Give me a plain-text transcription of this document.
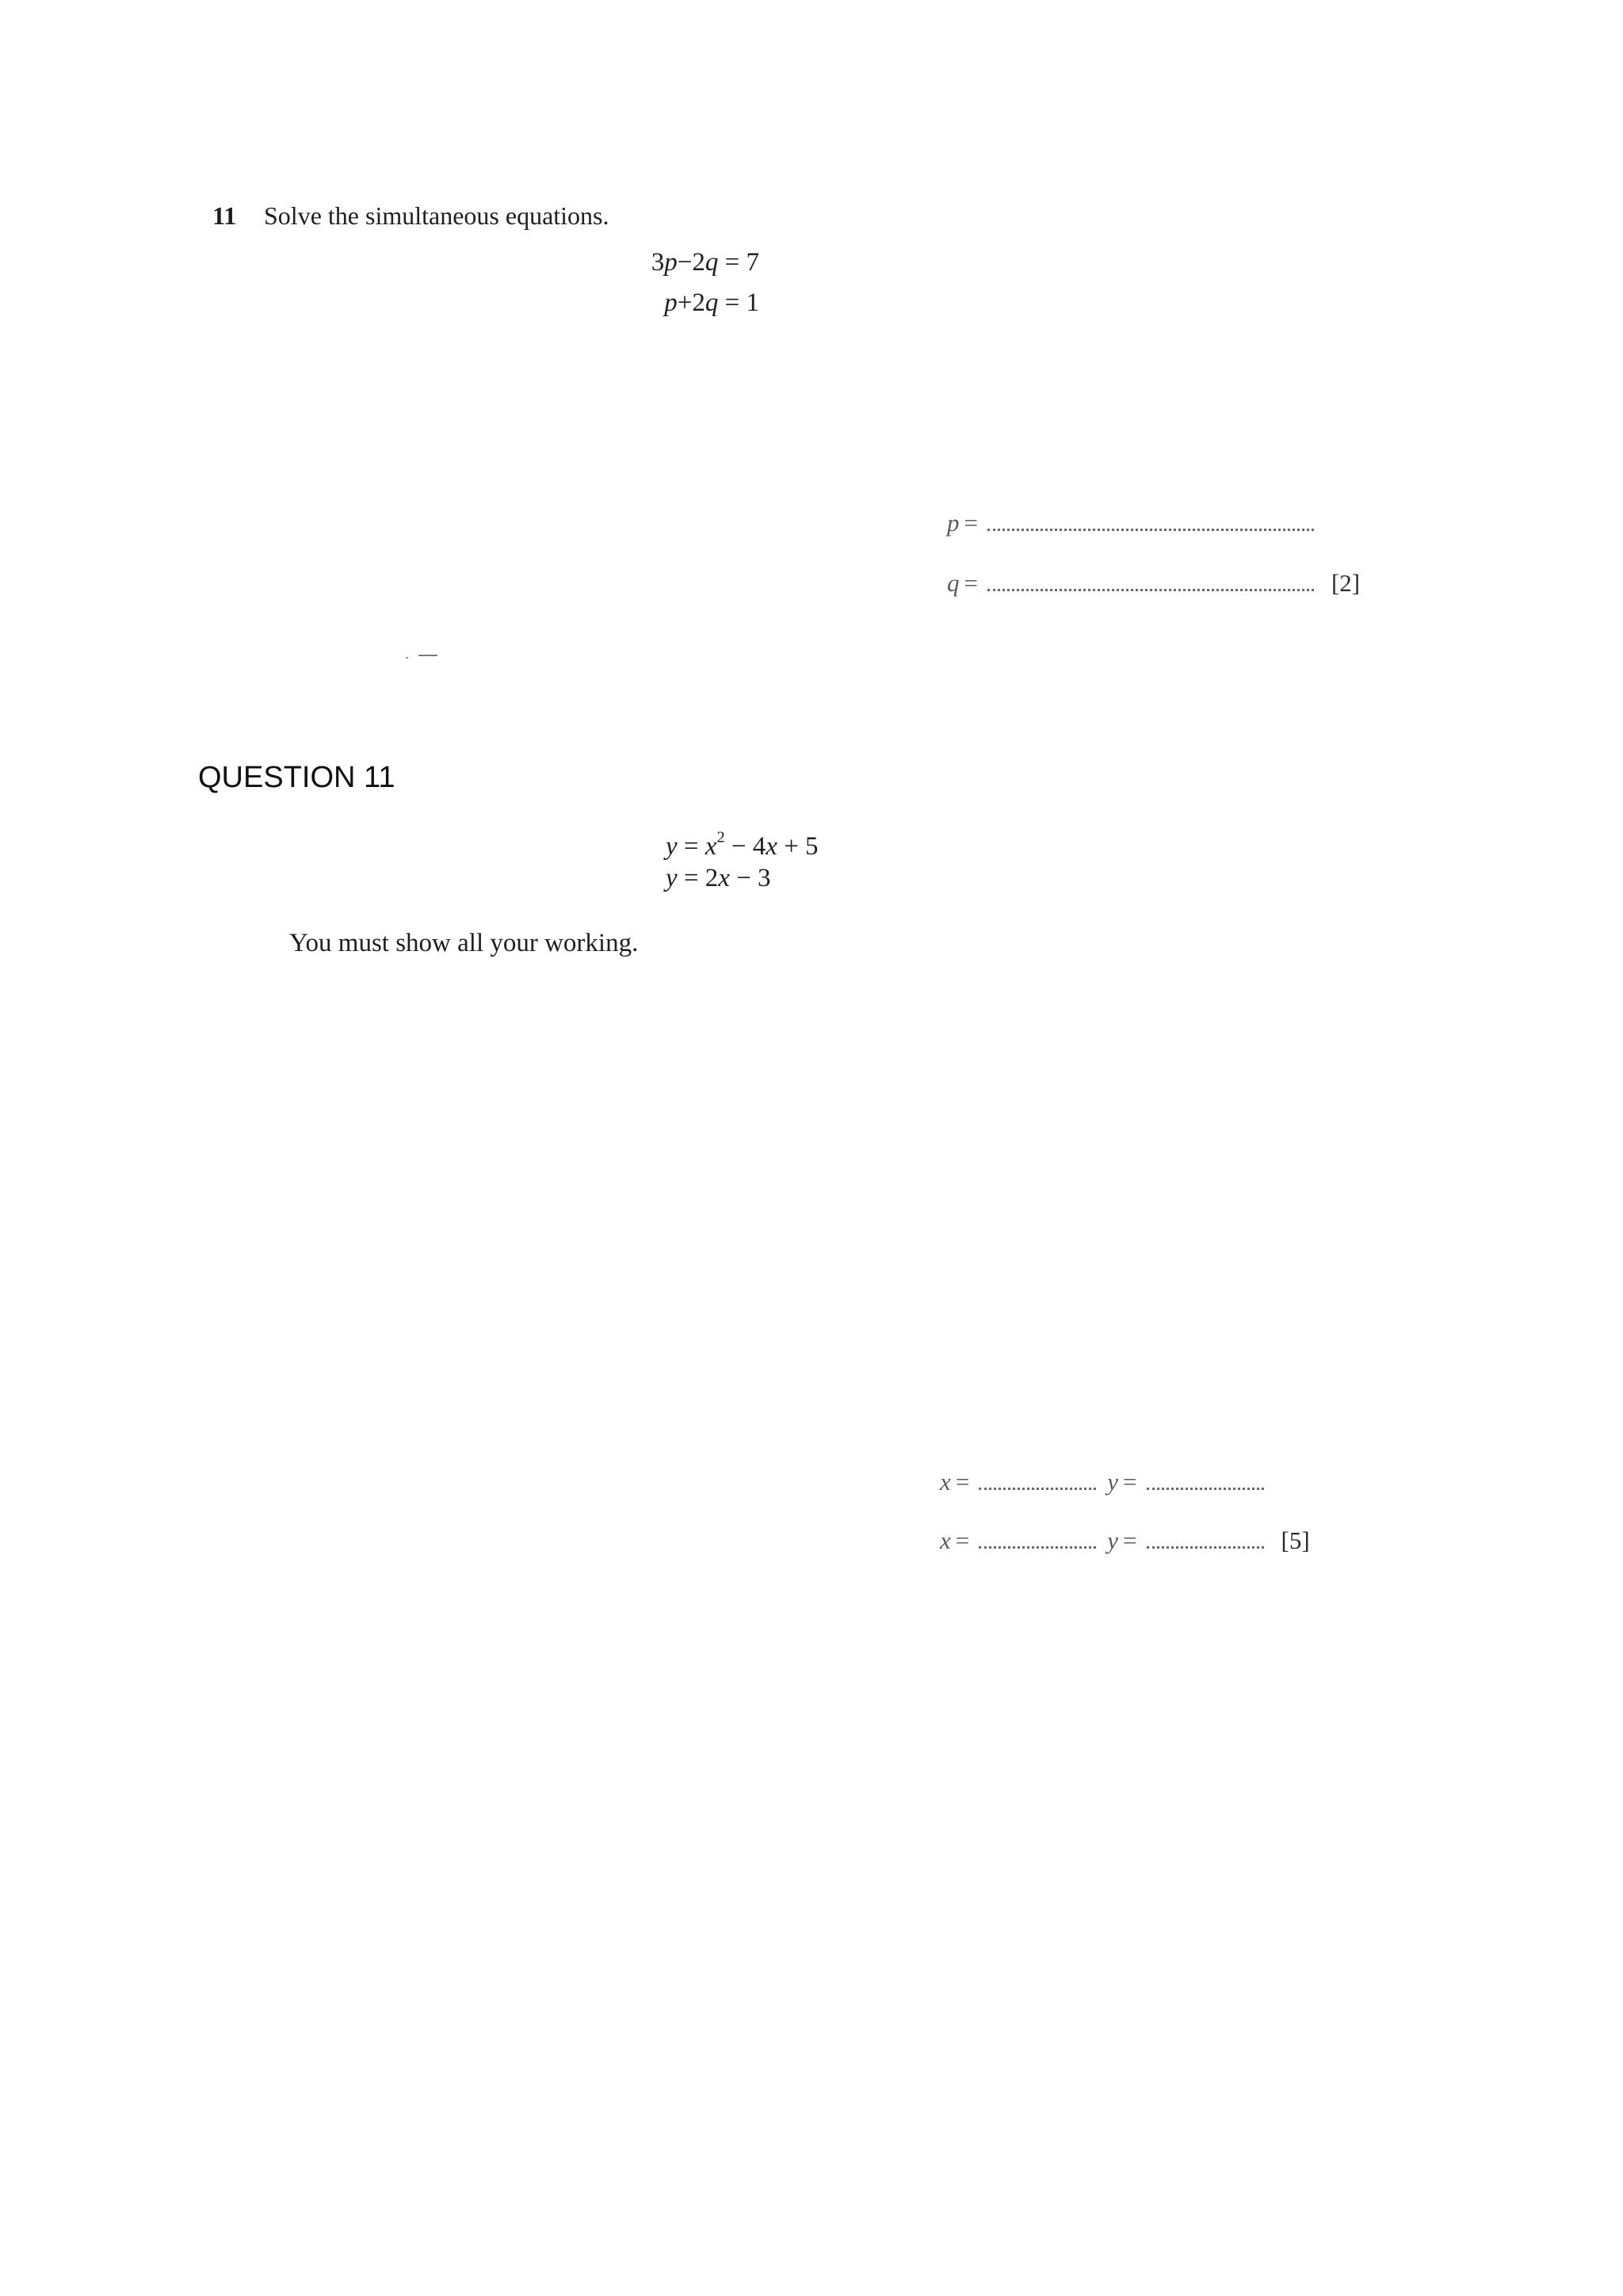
11 Solve the simultaneous equations.
3p−2q = 7
p+2q = 1
p =
q =	[2]
QUESTION 11
$y = x^2 - 4x + 5$
y = 2x − 3
You must show all your working.
x =	y =
x =	y =	[5]
